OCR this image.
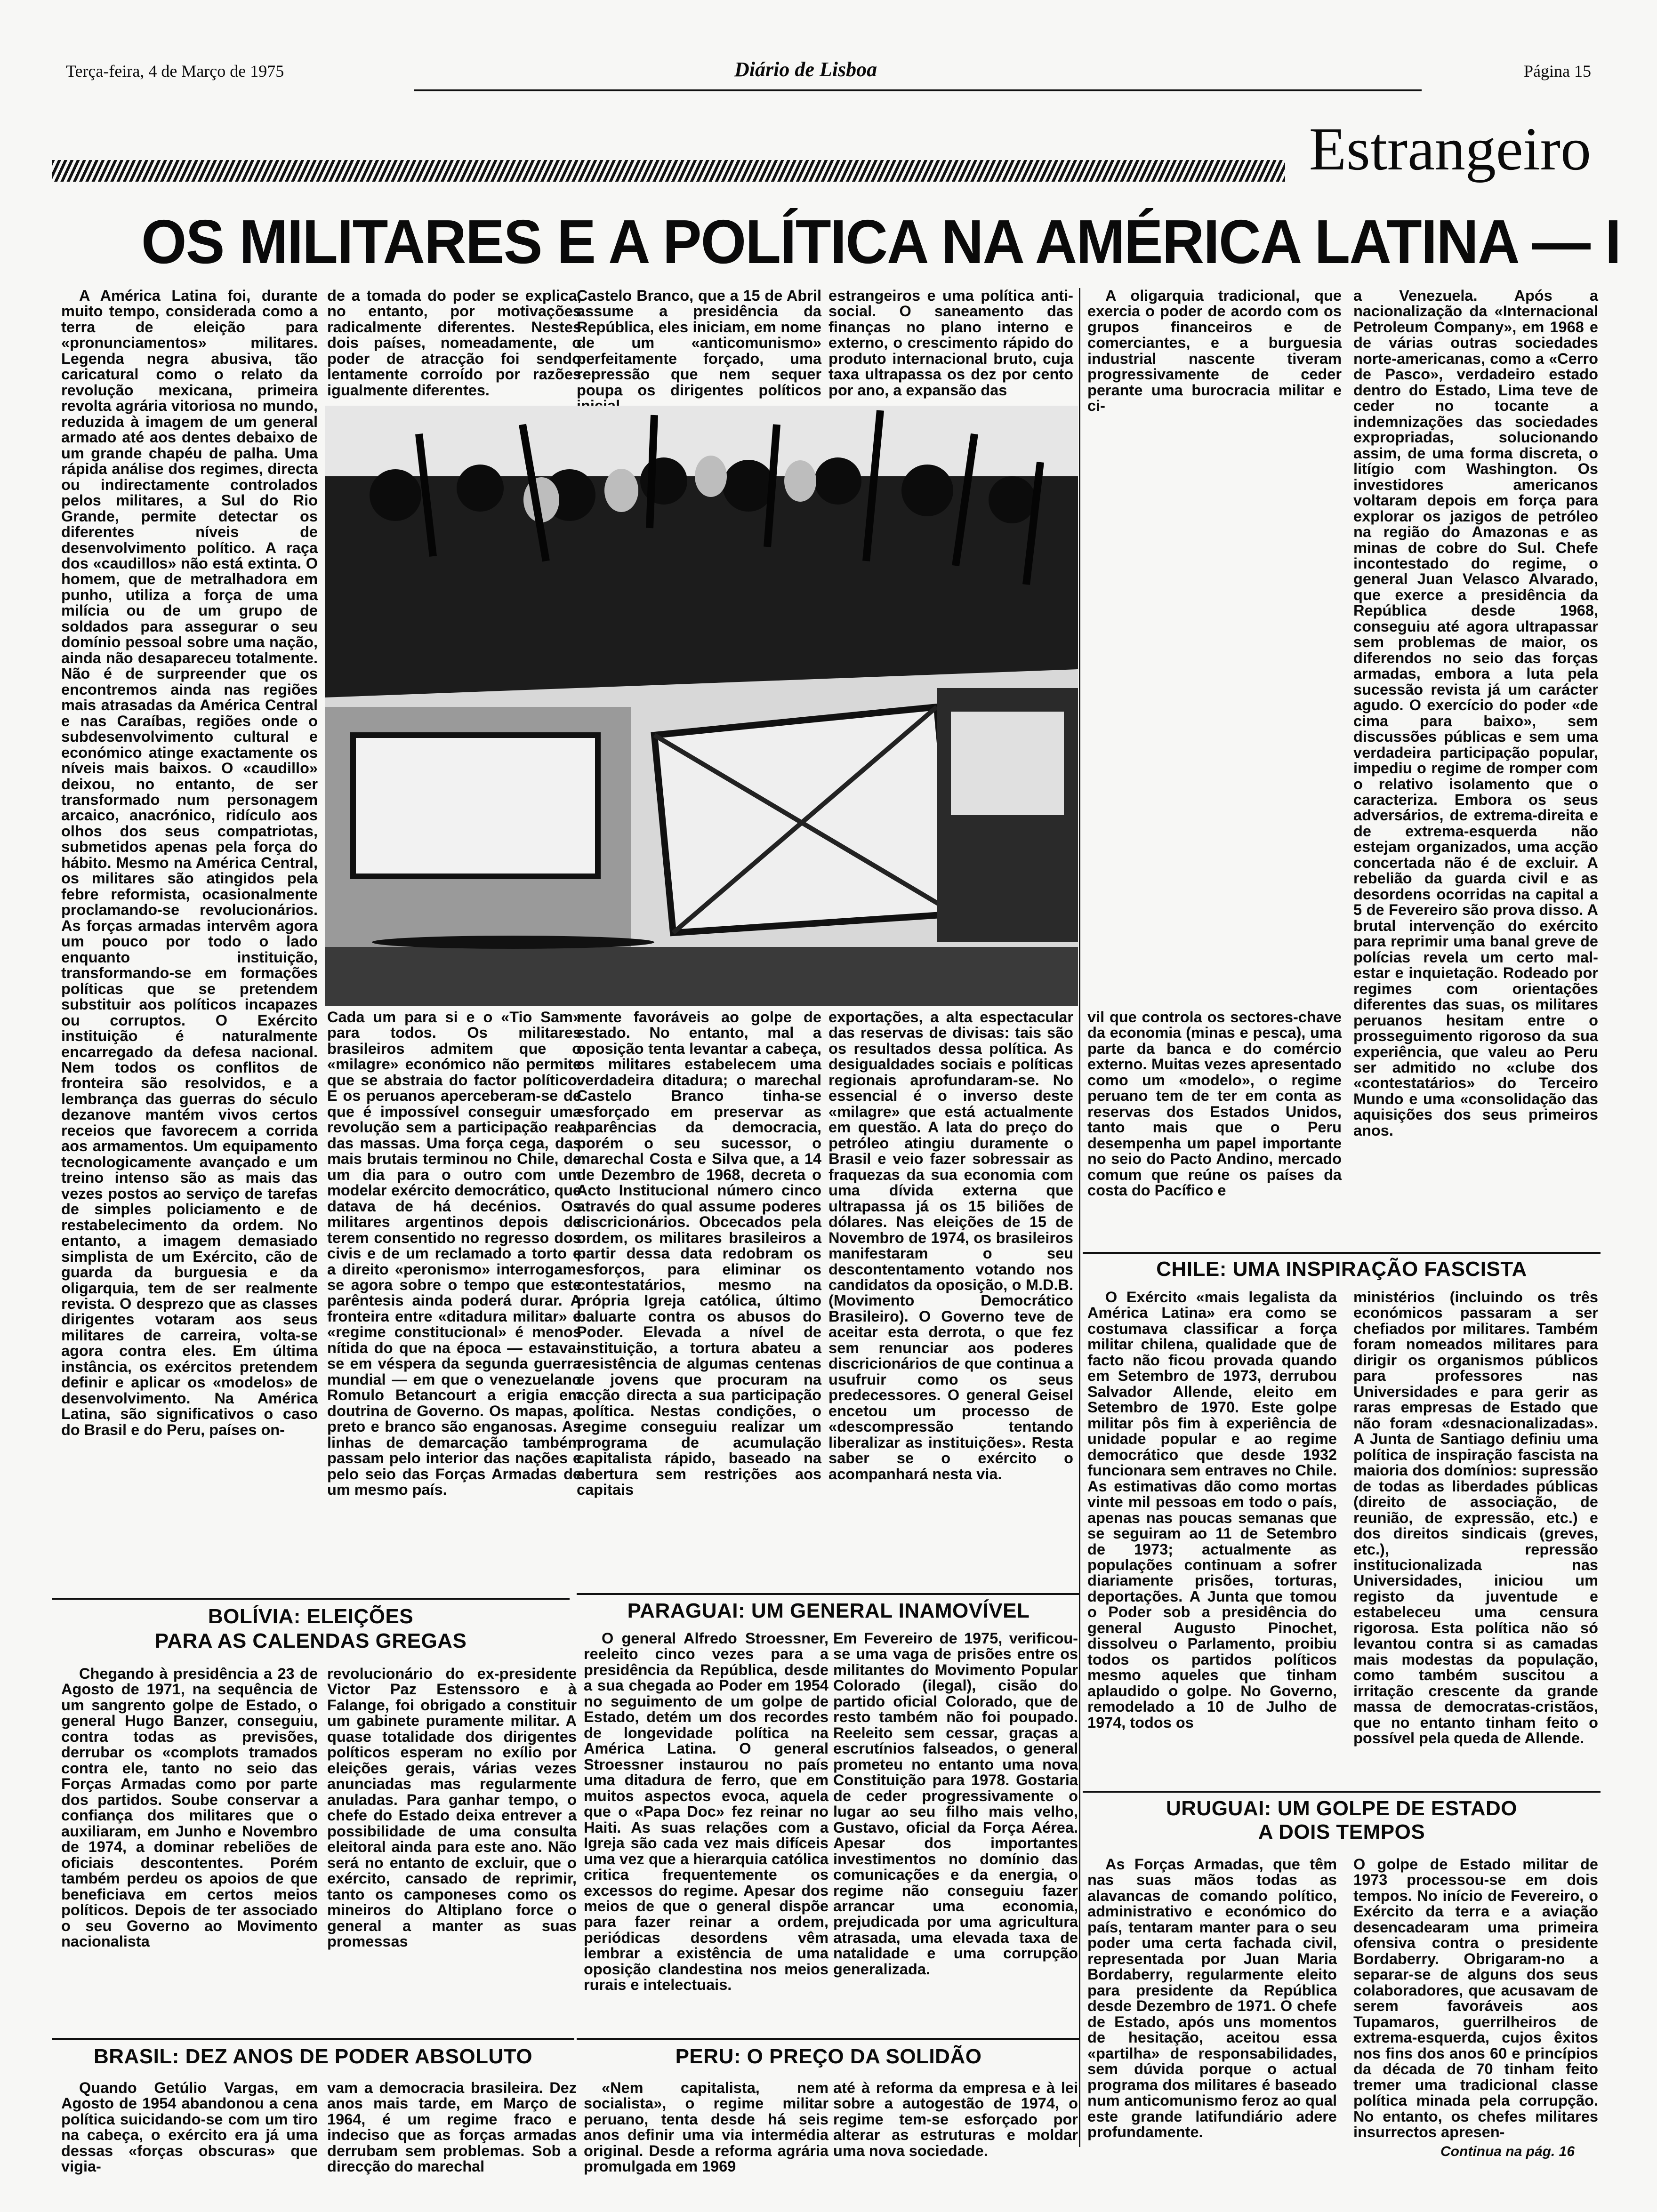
Terça-feira, 4 de Março de 1975	Diário de Lisboa	Página 15
Estrangeiro
OS MILITARES E A POLÍTICA NA AMÉRICA LATINA — I

A América Latina foi, durante muito tempo, considerada como a terra de eleição para «pronunciamentos» militares. Legenda negra abusiva, tão caricatural como o relato da revolução mexicana, primeira revolta agrária vitoriosa no mundo, reduzida à imagem de um general armado até aos dentes debaixo de um grande chapéu de palha. Uma rápida análise dos regimes, directa ou indirectamente controlados pelos militares, a Sul do Rio Grande, permite detectar os diferentes níveis de desenvolvimento político. A raça dos «caudillos» não está extinta. O homem, que de metralhadora em punho, utiliza a força de uma milícia ou de um grupo de soldados para assegurar o seu domínio pessoal sobre uma nação, ainda não desapareceu totalmente. Não é de surpreender que os encontremos ainda nas regiões mais atrasadas da América Central e nas Caraíbas, regiões onde o subdesenvolvimento cultural e económico atinge exactamente os níveis mais baixos. O «caudillo» deixou, no entanto, de ser transformado num personagem arcaico, anacrónico, ridículo aos olhos dos seus compatriotas, submetidos apenas pela força do hábito. Mesmo na América Central, os militares são atingidos pela febre reformista, ocasionalmente proclamando-se revolucionários. As forças armadas intervêm agora um pouco por todo o lado enquanto instituição, transformando-se em formações políticas que se pretendem substituir aos políticos incapazes ou corruptos. O Exército instituição é naturalmente encarregado da defesa nacional. Nem todos os conflitos de fronteira são resolvidos, e a lembrança das guerras do século dezanove mantém vivos certos receios que favorecem a corrida aos armamentos. Um equipamento tecnologicamente avançado e um treino intenso são as mais das vezes postos ao serviço de tarefas de simples policiamento e de restabelecimento da ordem. No entanto, a imagem demasiado simplista de um Exército, cão de guarda da burguesia e da oligarquia, tem de ser realmente revista. O desprezo que as classes dirigentes votaram aos seus militares de carreira, volta-se agora contra eles. Em última instância, os exércitos pretendem definir e aplicar os «modelos» de desenvolvimento. Na América Latina, são significativos o caso do Brasil e do Peru, países on-

de a tomada do poder se explica, no entanto, por motivações radicalmente diferentes. Nestes dois países, nomeadamente, o poder de atracção foi sendo lentamente corroído por razões igualmente diferentes.

Castelo Branco, que a 15 de Abril assume a presidência da República, eles iniciam, em nome de um «anticomunismo» perfeitamente forçado, uma repressão que nem sequer poupa os dirigentes políticos

estrangeiros e uma política anti-social. O saneamento das finanças no plano interno e externo, o crescimento rápido do produto internacional bruto, cuja taxa ultrapassa os dez por cento por ano, a expansão das

A oligarquia tradicional, que exercia o poder de acordo com os grupos financeiros e de comerciantes, e a burguesia industrial nascente tiveram progressivamente de ceder perante uma burocracia militar e ci-

a Venezuela. Após a nacionalização da «Internacional Petroleum Company», em 1968 e de várias outras sociedades norte-americanas, como a «Cerro de Pasco», verdadeiro estado dentro do Estado, Lima teve de ceder no tocante a indemnizações das sociedades expropriadas, solucionando assim, de uma forma discreta, o litígio com Washington. Os investidores americanos voltaram depois em força para explorar os jazigos de petróleo na região do Amazonas e as minas de cobre do Sul. Chefe incontestado do regime, o general Juan Velasco Alvarado, que exerce a presidência da República desde 1968, conseguiu até agora ultrapassar sem problemas de maior, os diferendos no seio das forças armadas, embora a luta pela sucessão revista já um carácter agudo. O exercício do poder «de cima para baixo», sem discussões públicas e sem uma verdadeira participação popular, impediu o regime de romper com o relativo isolamento que o caracteriza. Embora os seus adversários, de extrema-direita e de extrema-esquerda não estejam organizados, uma acção concertada não é de excluir. A rebelião da guarda civil e as desordens ocorridas na capital a 5 de Fevereiro são prova disso. A brutal intervenção do exército para reprimir uma banal greve de polícias revela um certo mal-estar e inquietação. Rodeado por regimes com orientações diferentes das suas, os militares peruanos hesitam entre o prosseguimento rigoroso da sua experiência, que valeu ao Peru ser admitido no «clube dos «contestatários» do Terceiro Mundo e uma «consolidação das aquisições dos seus primeiros anos.

Cada um para si e o «Tio Sam» para todos. Os militares brasileiros admitem que o «milagre» económico não permite que se abstraia do factor político. E os peruanos aperceberam-se de que é impossível conseguir uma revolução sem a participação real das massas. Uma força cega, das mais brutais terminou no Chile, de um dia para o outro com um modelar exército democrático, que datava de há decénios. Os militares argentinos depois de terem consentido no regresso dos civis e de um reclamado a torto e a direito «peronismo» interrogam-se agora sobre o tempo que este parêntesis ainda poderá durar. A fronteira entre «ditadura militar» e «regime constitucional» é menos nítida do que na época — estava-se em véspera da segunda guerra mundial — em que o venezuelano Romulo Betancourt a erigia em doutrina de Governo. Os mapas, a preto e branco são enganosas. As linhas de demarcação também passam pelo interior das nações e pelo seio das Forças Armadas de um mesmo país.

mente favoráveis ao golpe de estado. No entanto, mal a oposição tenta levantar a cabeça, os militares estabelecem uma verdadeira ditadura; o marechal Castelo Branco tinha-se esforçado em preservar as aparências da democracia, porém o seu sucessor, o marechal Costa e Silva que, a 14 de Dezembro de 1968, decreta o Acto Institucional número cinco através do qual assume poderes discricionários. Obcecados pela ordem, os militares brasileiros a partir dessa data redobram os esforços, para eliminar os contestatários, mesmo na própria Igreja católica, último baluarte contra os abusos do Poder. Elevada a nível de instituição, a tortura abateu a resistência de algumas centenas de jovens que procuram na acção directa a sua participação política. Nestas condições, o regime conseguiu realizar um programa de acumulação capitalista rápido, baseado na abertura sem restrições aos capitais

exportações, a alta espectacular das reservas de divisas: tais são os resultados dessa política. As desigualdades sociais e políticas regionais aprofundaram-se. No essencial é o inverso deste «milagre» que está actualmente em questão. A lata do preço do petróleo atingiu duramente o Brasil e veio fazer sobressair as fraquezas da sua economia com uma dívida externa que ultrapassa já os 15 biliões de dólares. Nas eleições de 15 de Novembro de 1974, os brasileiros manifestaram o seu descontentamento votando nos candidatos da oposição, o M.D.B. (Movimento Democrático Brasileiro). O Governo teve de aceitar esta derrota, o que fez sem renunciar aos poderes discricionários de que continua a usufruir como os seus predecessores. O general Geisel encetou um processo de «descompressão tentando liberalizar as instituições». Resta saber se o exército o acompanhará nesta via.

vil que controla os sectores-chave da economia (minas e pesca), uma parte da banca e do comércio externo. Muitas vezes apresentado como um «modelo», o regime peruano tem de ter em conta as reservas dos Estados Unidos, tanto mais que o Peru desempenha um papel importante no seio do Pacto Andino, mercado comum que reúne os países da costa do Pacífico e

CHILE: UMA INSPIRAÇÃO FASCISTA

O Exército «mais legalista da América Latina» era como se costumava classificar a força militar chilena, qualidade que de facto não ficou provada quando em Setembro de 1973, derrubou Salvador Allende, eleito em Setembro de 1970. Este golpe militar pôs fim à experiência de unidade popular e ao regime democrático que desde 1932 funcionara sem entraves no Chile. As estimativas dão como mortas vinte mil pessoas em todo o país, apenas nas poucas semanas que se seguiram ao 11 de Setembro de 1973; actualmente as populações continuam a sofrer diariamente prisões, torturas, deportações. A Junta que tomou o Poder sob a presidência do general Augusto Pinochet, dissolveu o Parlamento, proibiu todos os partidos políticos mesmo aqueles que tinham aplaudido o golpe. No Governo, remodelado a 10 de Julho de 1974, todos os

ministérios (incluindo os três económicos passaram a ser chefiados por militares. Também foram nomeados militares para dirigir os organismos públicos para professores nas Universidades e para gerir as raras empresas de Estado que não foram «desnacionalizadas». A Junta de Santiago definiu uma política de inspiração fascista na maioria dos domínios: supressão de todas as liberdades públicas (direito de associação, de reunião, de expressão, etc.) e dos direitos sindicais (greves, etc.), repressão institucionalizada nas Universidades, iniciou um registo da juventude e estabeleceu uma censura rigorosa. Esta política não só levantou contra si as camadas mais modestas da população, como também suscitou a irritação crescente da grande massa de democratas-cristãos, que no entanto tinham feito o possível pela queda de Allende.

BOLÍVIA: ELEIÇÕES
PARA AS CALENDAS GREGAS

Chegando à presidência a 23 de Agosto de 1971, na sequência de um sangrento golpe de Estado, o general Hugo Banzer, conseguiu, contra todas as previsões, derrubar os «complots tramados contra ele, tanto no seio das Forças Armadas como por parte dos partidos. Soube conservar a confiança dos militares que o auxiliaram, em Junho e Novembro de 1974, a dominar rebeliões de oficiais descontentes. Porém também perdeu os apoios de que beneficiava em certos meios políticos. Depois de ter associado o seu Governo ao Movimento nacionalista

revolucionário do ex-presidente Victor Paz Estenssoro e à Falange, foi obrigado a constituir um gabinete puramente militar. A quase totalidade dos dirigentes políticos esperam no exílio por eleições gerais, várias vezes anunciadas mas regularmente anuladas. Para ganhar tempo, o chefe do Estado deixa entrever a possibilidade de uma consulta eleitoral ainda para este ano. Não será no entanto de excluir, que o exército, cansado de reprimir, tanto os camponeses como os mineiros do Altiplano force o general a manter as suas promessas

PARAGUAI: UM GENERAL INAMOVÍVEL

O general Alfredo Stroessner, reeleito cinco vezes para a presidência da República, desde a sua chegada ao Poder em 1954 no seguimento de um golpe de Estado, detém um dos recordes de longevidade política na América Latina. O general Stroessner instaurou no país uma ditadura de ferro, que em muitos aspectos evoca, aquela que o «Papa Doc» fez reinar no Haiti. As suas relações com a Igreja são cada vez mais difíceis uma vez que a hierarquia católica critica frequentemente os excessos do regime. Apesar dos meios de que o general dispõe para fazer reinar a ordem, periódicas desordens vêm lembrar a existência de uma oposição clandestina nos meios rurais e intelectuais.

Em Fevereiro de 1975, verificou-se uma vaga de prisões entre os militantes do Movimento Popular Colorado (ilegal), cisão do partido oficial Colorado, que de resto também não foi poupado. Reeleito sem cessar, graças a escrutínios falseados, o general prometeu no entanto uma nova Constituição para 1978. Gostaria de ceder progressivamente o lugar ao seu filho mais velho, Gustavo, oficial da Força Aérea. Apesar dos importantes investimentos no domínio das comunicações e da energia, o regime não conseguiu fazer arrancar uma economia, prejudicada por uma agricultura atrasada, uma elevada taxa de natalidade e uma corrupção generalizada.

URUGUAI: UM GOLPE DE ESTADO
A DOIS TEMPOS

As Forças Armadas, que têm nas suas mãos todas as alavancas de comando político, administrativo e económico do país, tentaram manter para o seu poder uma certa fachada civil, representada por Juan Maria Bordaberry, regularmente eleito para presidente da República desde Dezembro de 1971. O chefe de Estado, após uns momentos de hesitação, aceitou essa «partilha» de responsabilidades, sem dúvida porque o actual programa dos militares é baseado num anticomunismo feroz ao qual este grande latifundiário adere profundamente.

O golpe de Estado militar de 1973 processou-se em dois tempos. No início de Fevereiro, o Exército da terra e a aviação desencadearam uma primeira ofensiva contra o presidente Bordaberry. Obrigaram-no a separar-se de alguns dos seus colaboradores, que acusavam de serem favoráveis aos Tupamaros, guerrilheiros de extrema-esquerda, cujos êxitos nos fins dos anos 60 e princípios da década de 70 tinham feito tremer uma tradicional classe política minada pela corrupção. No entanto, os chefes militares insurrectos apresen-

Continua na pág. 16
BRASIL: DEZ ANOS DE PODER ABSOLUTO

Quando Getúlio Vargas, em Agosto de 1954 abandonou a cena política suicidando-se com um tiro na cabeça, o exército era já uma dessas «forças obscuras» que vigia-

vam a democracia brasileira. Dez anos mais tarde, em Março de 1964, é um regime fraco e indeciso que as forças armadas derrubam sem problemas. Sob a direcção do marechal

PERU: O PREÇO DA SOLIDÃO

«Nem capitalista, nem socialista», o regime militar peruano, tenta desde há seis anos definir uma via intermédia original. Desde a reforma agrária promulgada em 1969

até à reforma da empresa e à lei sobre a autogestão de 1974, o regime tem-se esforçado por alterar as estruturas e moldar uma nova sociedade.
